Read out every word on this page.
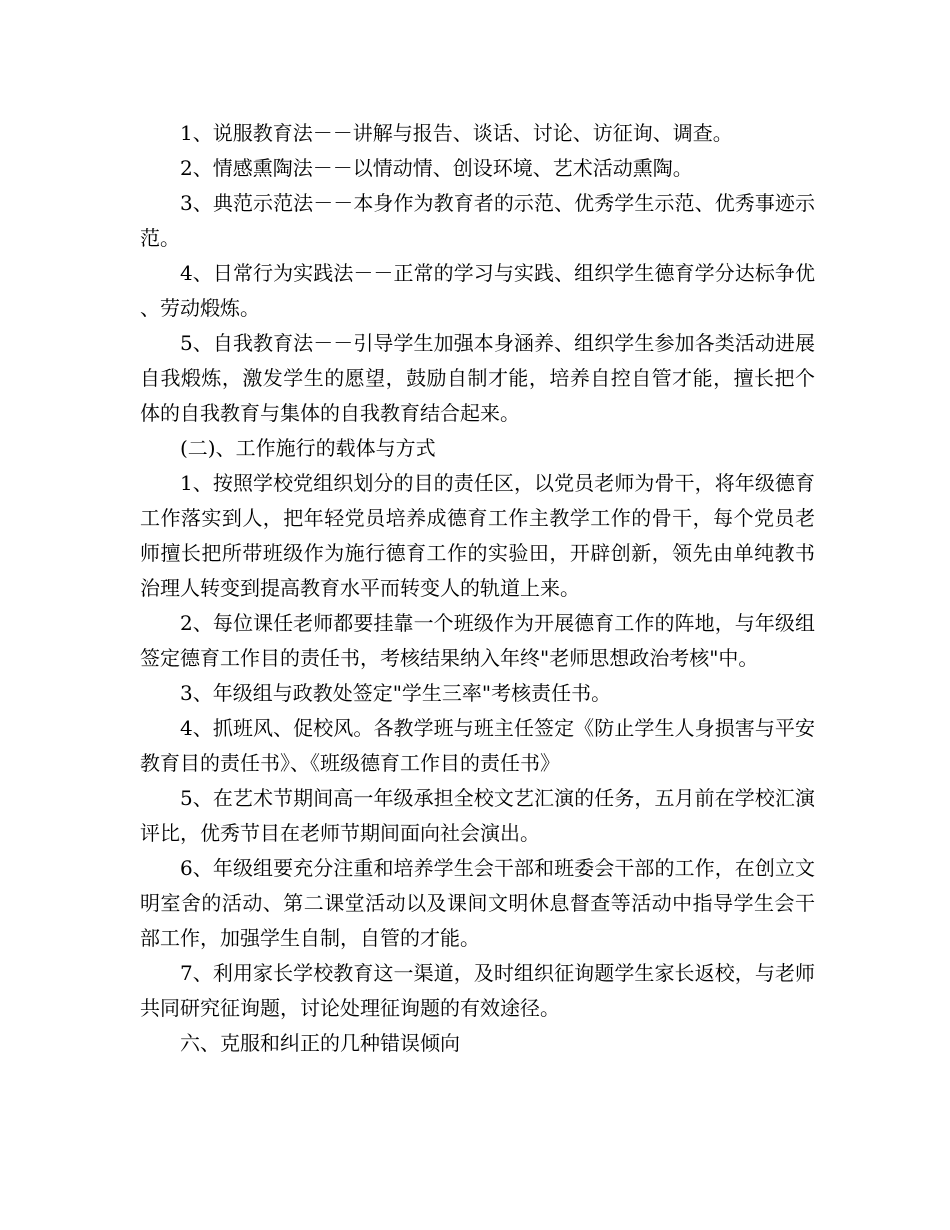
1、说服教育法－－讲解与报告、谈话、讨论、访征询、调查。

2、情感熏陶法－－以情动情、创设环境、艺术活动熏陶。

3、典范示范法－－本身作为教育者的示范、优秀学生示范、优秀事迹示范。

4、日常行为实践法－－正常的学习与实践、组织学生德育学分达标争优、劳动煅炼。

5、自我教育法－－引导学生加强本身涵养、组织学生参加各类活动进展自我煅炼，激发学生的愿望，鼓励自制才能，培养自控自管才能，擅长把个体的自我教育与集体的自我教育结合起来。

(二)、工作施行的载体与方式

1、按照学校党组织划分的目的责任区，以党员老师为骨干，将年级德育工作落实到人，把年轻党员培养成德育工作主教学工作的骨干，每个党员老师擅长把所带班级作为施行德育工作的实验田，开辟创新，领先由单纯教书治理人转变到提高教育水平而转变人的轨道上来。

2、每位课任老师都要挂靠一个班级作为开展德育工作的阵地，与年级组签定德育工作目的责任书，考核结果纳入年终"老师思想政治考核"中。

3、年级组与政教处签定"学生三率"考核责任书。

4、抓班风、促校风。各教学班与班主任签定《防止学生人身损害与平安教育目的责任书》、《班级德育工作目的责任书》

5、在艺术节期间高一年级承担全校文艺汇演的任务，五月前在学校汇演评比，优秀节目在老师节期间面向社会演出。

6、年级组要充分注重和培养学生会干部和班委会干部的工作，在创立文明室舍的活动、第二课堂活动以及课间文明休息督查等活动中指导学生会干部工作，加强学生自制，自管的才能。

7、利用家长学校教育这一渠道，及时组织征询题学生家长返校，与老师共同研究征询题，讨论处理征询题的有效途径。

六、克服和纠正的几种错误倾向
